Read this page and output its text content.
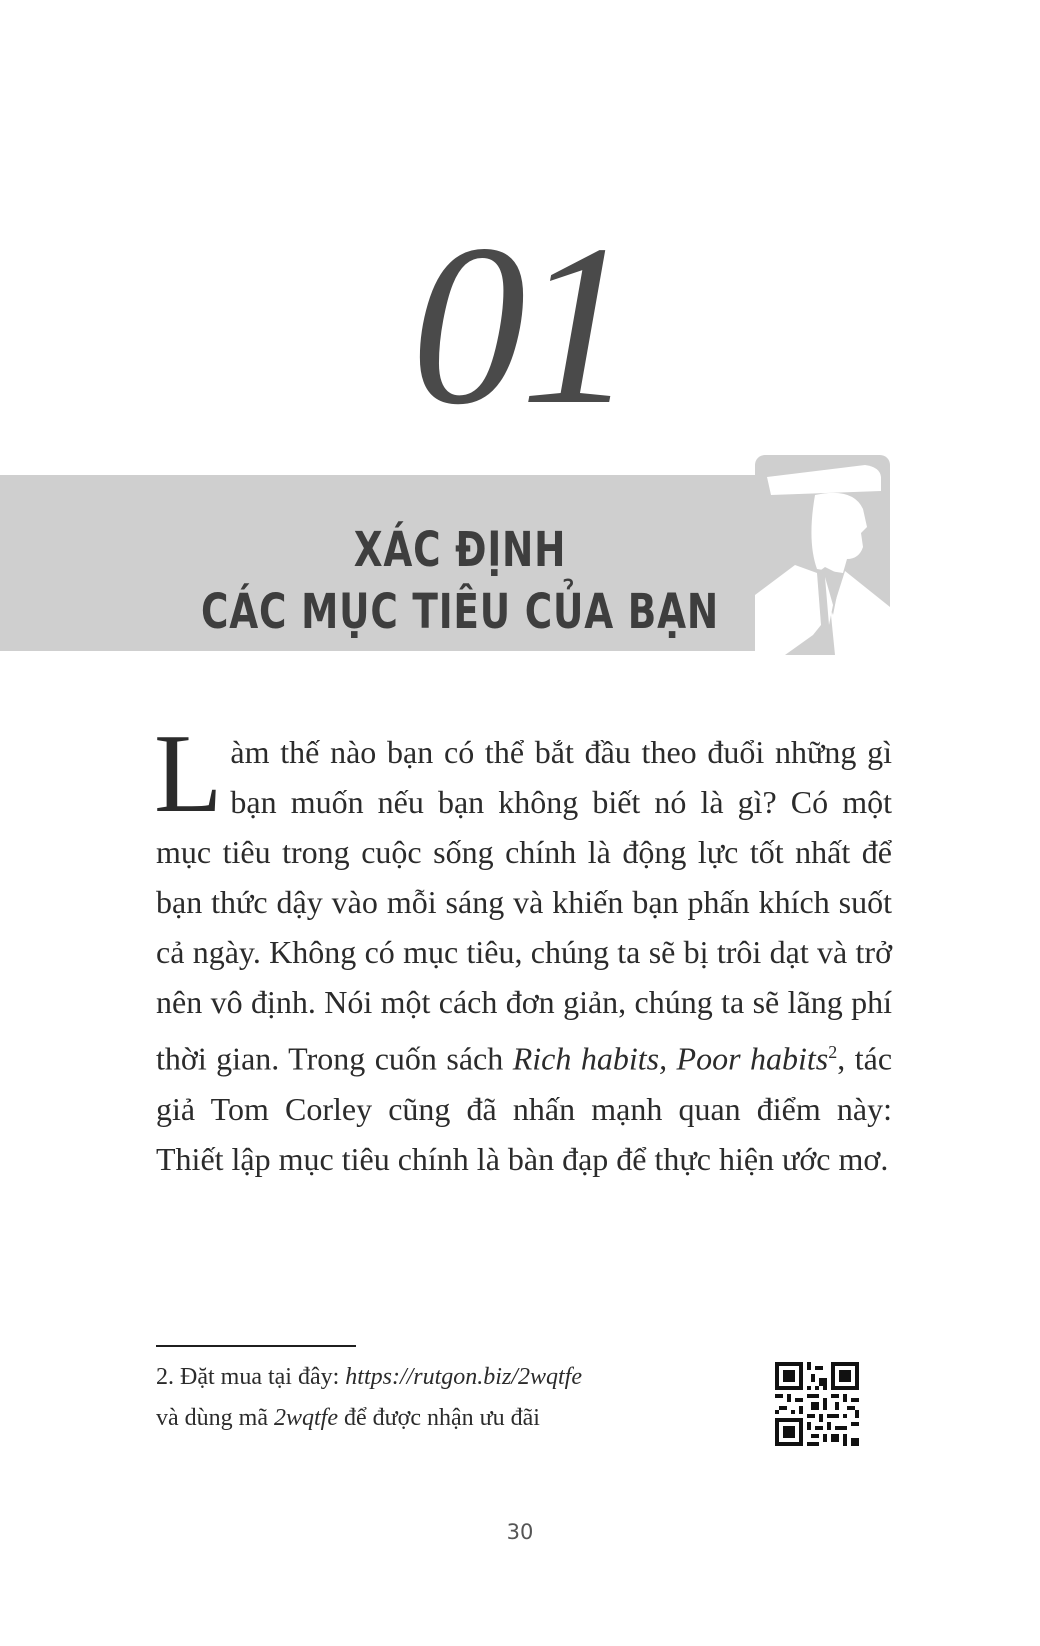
01
XÁC ĐỊNH
CÁC MỤC TIÊU CỦA BẠN

Làm thế nào bạn có thể bắt đầu theo đuổi những gì bạn muốn nếu bạn không biết nó là gì? Có một mục tiêu trong cuộc sống chính là động lực tốt nhất để bạn thức dậy vào mỗi sáng và khiến bạn phấn khích suốt cả ngày. Không có mục tiêu, chúng ta sẽ bị trôi dạt và trở nên vô định. Nói một cách đơn giản, chúng ta sẽ lãng phí thời gian. Trong cuốn sách Rich habits, Poor habits$^2$, tác giả Tom Corley cũng đã nhấn mạnh quan điểm này: Thiết lập mục tiêu chính là bàn đạp để thực hiện ước mơ.

2. Đặt mua tại đây: https://rutgon.biz/2wqtfe
và dùng mã 2wqtfe để được nhận ưu đãi
30
